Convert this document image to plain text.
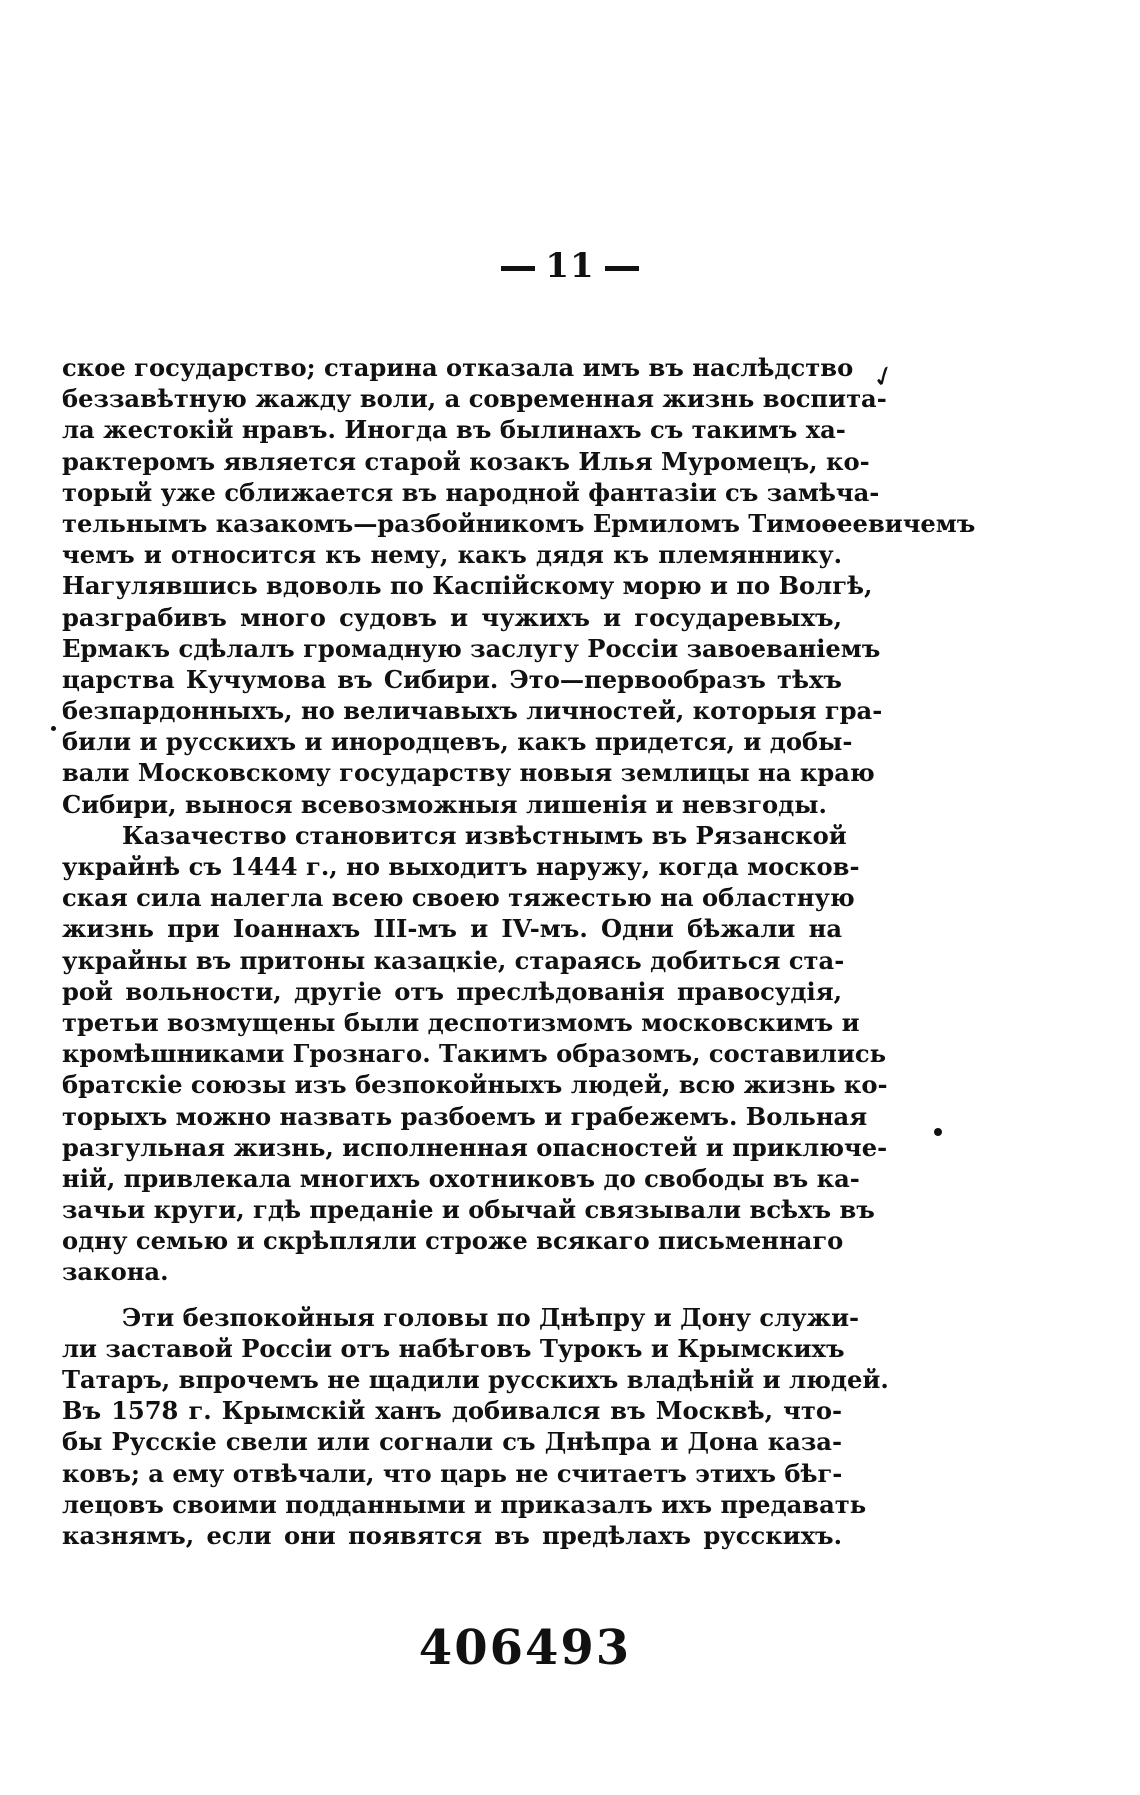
11
✓
ское государство; старина отказала имъ въ наслѣдство
беззавѣтную жажду воли, а современная жизнь воспита-
ла жестокій нравъ. Иногда въ былинахъ съ такимъ ха-
рактеромъ является старой козакъ Илья Муромецъ, ко-
торый уже сближается въ народной фантазіи съ замѣча-
тельнымъ казакомъ—разбойникомъ Ермиломъ Тимоѳеевичемъ
чемъ и относится къ нему, какъ дядя къ племяннику.
Нагулявшись вдоволь по Каспійскому морю и по Волгѣ,
разграбивъ много судовъ и чужихъ и государевыхъ,
Ермакъ сдѣлалъ громадную заслугу Россіи завоеваніемъ
царства Кучумова въ Сибири. Это—первообразъ тѣхъ
безпардонныхъ, но величавыхъ личностей, которыя гра-
били и русскихъ и инородцевъ, какъ придется, и добы-
вали Московскому государству новыя землицы на краю
Сибири, вынося всевозможныя лишенія и невзгоды.
Казачество становится извѣстнымъ въ Рязанской
украйнѣ съ 1444 г., но выходитъ наружу, когда москов-
ская сила налегла всею своею тяжестью на областную
жизнь при Іоаннахъ III-мъ и IV-мъ. Одни бѣжали на
украйны въ притоны казацкіе, стараясь добиться ста-
рой вольности, другіе отъ преслѣдованія правосудія,
третьи возмущены были деспотизмомъ московскимъ и
кромѣшниками Грознаго. Такимъ образомъ, составились
братскіе союзы изъ безпокойныхъ людей, всю жизнь ко-
торыхъ можно назвать разбоемъ и грабежемъ. Вольная
разгульная жизнь, исполненная опасностей и приключе-
ній, привлекала многихъ охотниковъ до свободы въ ка-
зачьи круги, гдѣ преданіе и обычай связывали всѣхъ въ
одну семью и скрѣпляли строже всякаго письменнаго
закона.
Эти безпокойныя головы по Днѣпру и Дону служи-
ли заставой Россіи отъ набѣговъ Турокъ и Крымскихъ
Татаръ, впрочемъ не щадили русскихъ владѣній и людей.
Въ 1578 г. Крымскій ханъ добивался въ Москвѣ, что-
бы Русскіе свели или согнали съ Днѣпра и Дона каза-
ковъ; а ему отвѣчали, что царь не считаетъ этихъ бѣг-
лецовъ своими подданными и приказалъ ихъ предавать
казнямъ, если они появятся въ предѣлахъ русскихъ.
406493
